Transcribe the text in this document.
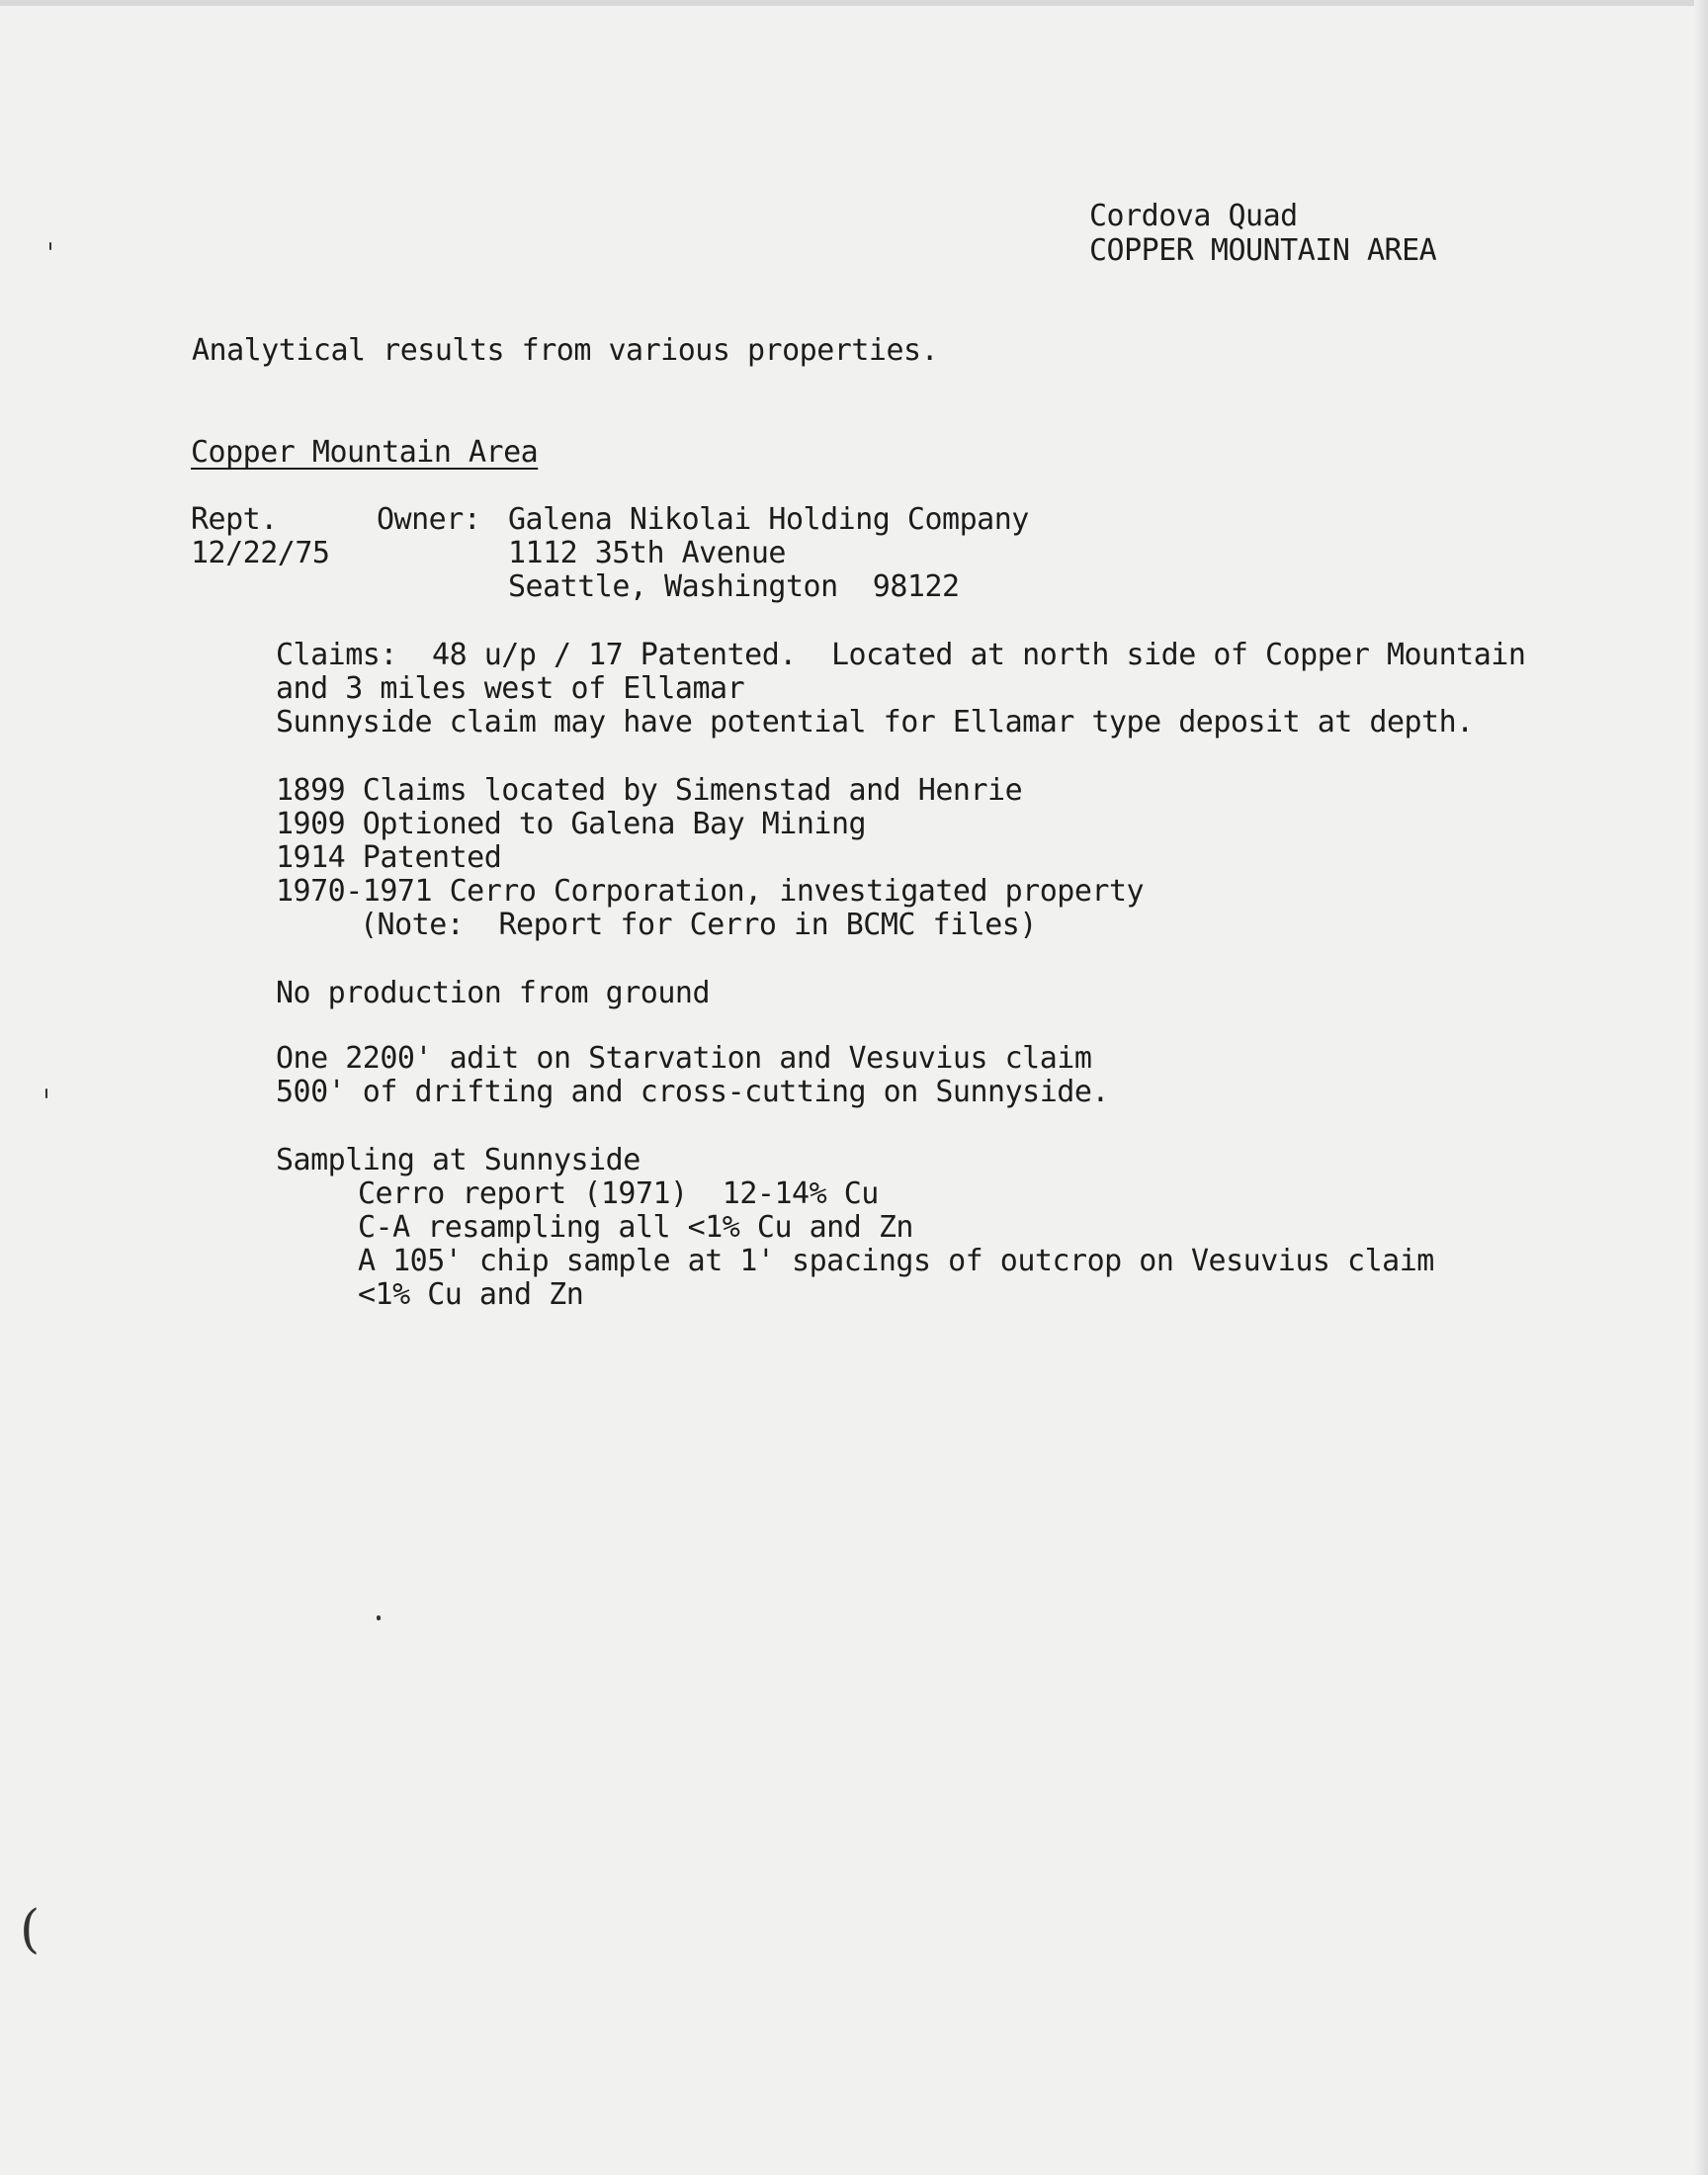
Cordova Quad
COPPER MOUNTAIN AREA
Analytical results from various properties.
Copper Mountain Area
Rept.
12/22/75
Owner: Galena Nikolai Holding Company
1112 35th Avenue
Seattle, Washington  98122
Claims:  48 u/p / 17 Patented.  Located at north side of Copper Mountain
and 3 miles west of Ellamar
Sunnyside claim may have potential for Ellamar type deposit at depth.
1899 Claims located by Simenstad and Henrie
1909 Optioned to Galena Bay Mining
1914 Patented
1970-1971 Cerro Corporation, investigated property
(Note:  Report for Cerro in BCMC files)
No production from ground
One 2200' adit on Starvation and Vesuvius claim
500' of drifting and cross-cutting on Sunnyside.
Sampling at Sunnyside
Cerro report (1971)  12-14% Cu
C-A resampling all <1% Cu and Zn
A 105' chip sample at 1' spacings of outcrop on Vesuvius claim
<1% Cu and Zn
(
